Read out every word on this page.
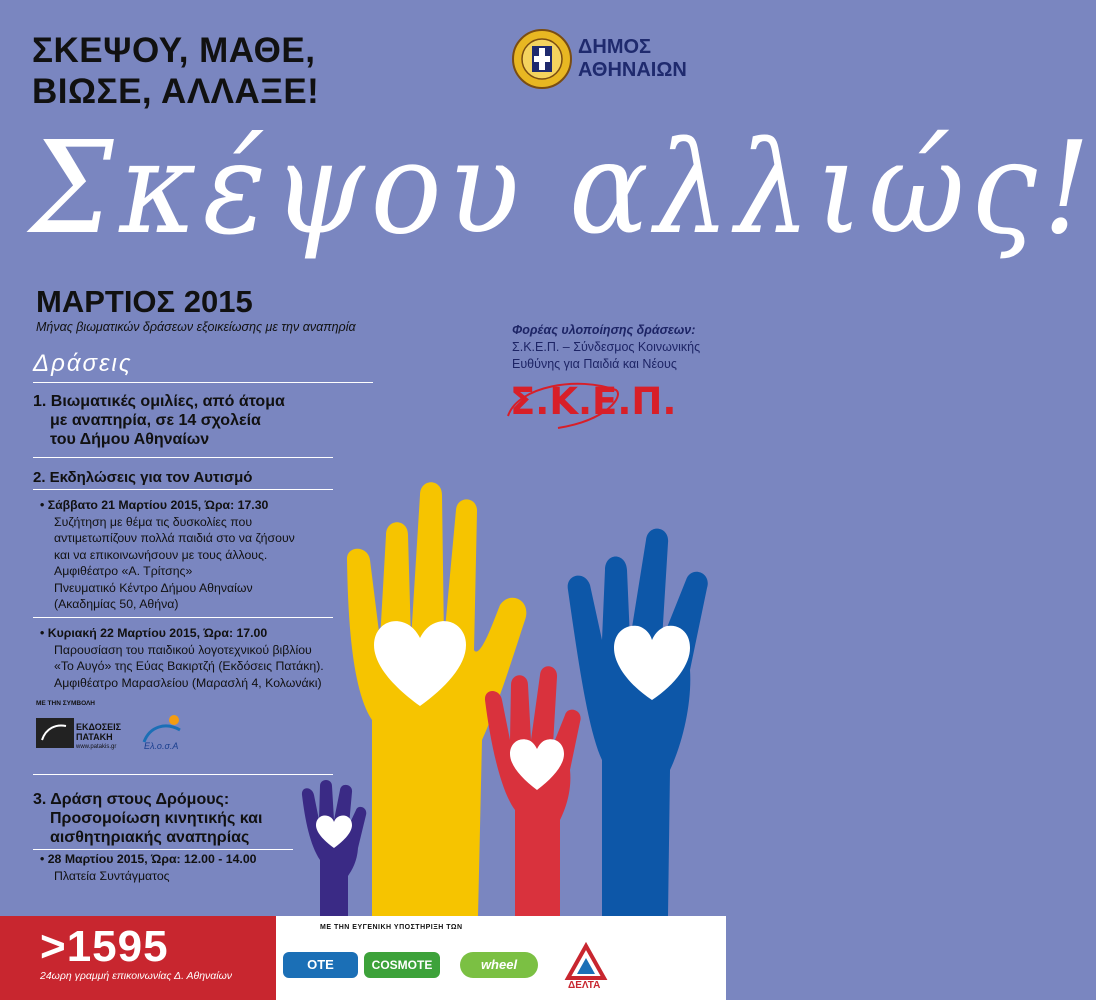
ΣΚΕΨΟΥ, ΜΑΘΕ,
ΒΙΩΣΕ, ΑΛΛΑΞΕ!
Σκέψου αλλιώς!
ΔΗΜΟΣ
ΑΘΗΝΑΙΩΝ
ΜΑΡΤΙΟΣ 2015
Μήνας βιωματικών δράσεων εξοικείωσης με την αναπηρία	Φορέας υλοποίησης δράσεων:
Σ.Κ.Ε.Π. – Σύνδεσμος Κοινωνικής
Ευθύνης για Παιδιά και Νέους
Σ.Κ.Ε.Π.
Δράσεις
1. Βιωματικές ομιλίες, από άτομα
με αναπηρία, σε 14 σχολεία
του Δήμου Αθηναίων
2. Εκδηλώσεις για τον Αυτισμό
• Σάββατο 21 Μαρτίου 2015, Ώρα: 17.30
Συζήτηση με θέμα τις δυσκολίες που
αντιμετωπίζουν πολλά παιδιά στο να ζήσουν
και να επικοινωνήσουν με τους άλλους.
Αμφιθέατρο «Α. Τρίτσης»
Πνευματικό Κέντρο Δήμου Αθηναίων
(Ακαδημίας 50, Αθήνα)
• Κυριακή 22 Μαρτίου 2015, Ώρα: 17.00
Παρουσίαση του παιδικού λογοτεχνικού βιβλίου
«Το Αυγό» της Εύας Βακιρτζή (Εκδόσεις Πατάκη).
Αμφιθέατρο Μαρασλείου (Μαρασλή 4, Κολωνάκι)
ΜΕ ΤΗΝ ΣΥΜΒΟΛΗ
ΕΚΔΟΣΕΙΣ
ΠΑΤΑΚΗ
www.patakis.gr	Ελ.ο.σ.Α
3. Δράση στους Δρόμους:
Προσομοίωση κινητικής και
αισθητηριακής αναπηρίας
• 28 Μαρτίου 2015, Ώρα: 12.00 - 14.00
Πλατεία Συντάγματος
>1595
24ωρη γραμμή επικοινωνίας Δ. Αθηναίων
ΜΕ ΤΗΝ ΕΥΓΕΝΙΚΗ ΥΠΟΣΤΗΡΙΞΗ ΤΩΝ
ΟΤΕ	COSMOTE	wheel
ΔΕΛΤΑ
